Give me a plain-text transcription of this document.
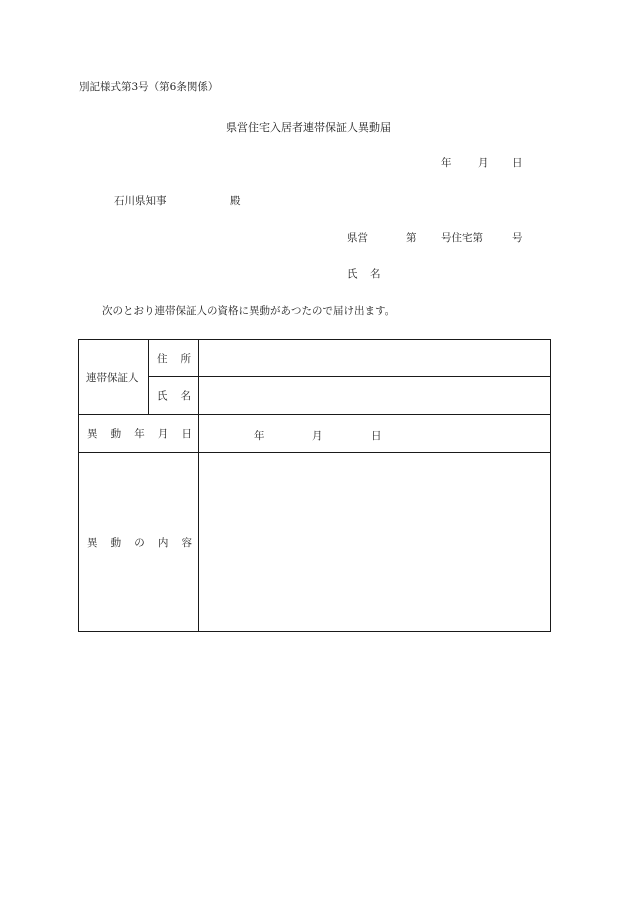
別記様式第3号（第6条関係）
県営住宅入居者連帯保証人異動届
年	月 日
石川県知事	殿
県営	第 号住宅第	号
氏 名
次のとおり連帯保証人の資格に異動があつたので届け出ます。
連帯保証人	住 所	

	氏 名	

異 動 年 月 日		年 月 日

異 動 の 内 容		
